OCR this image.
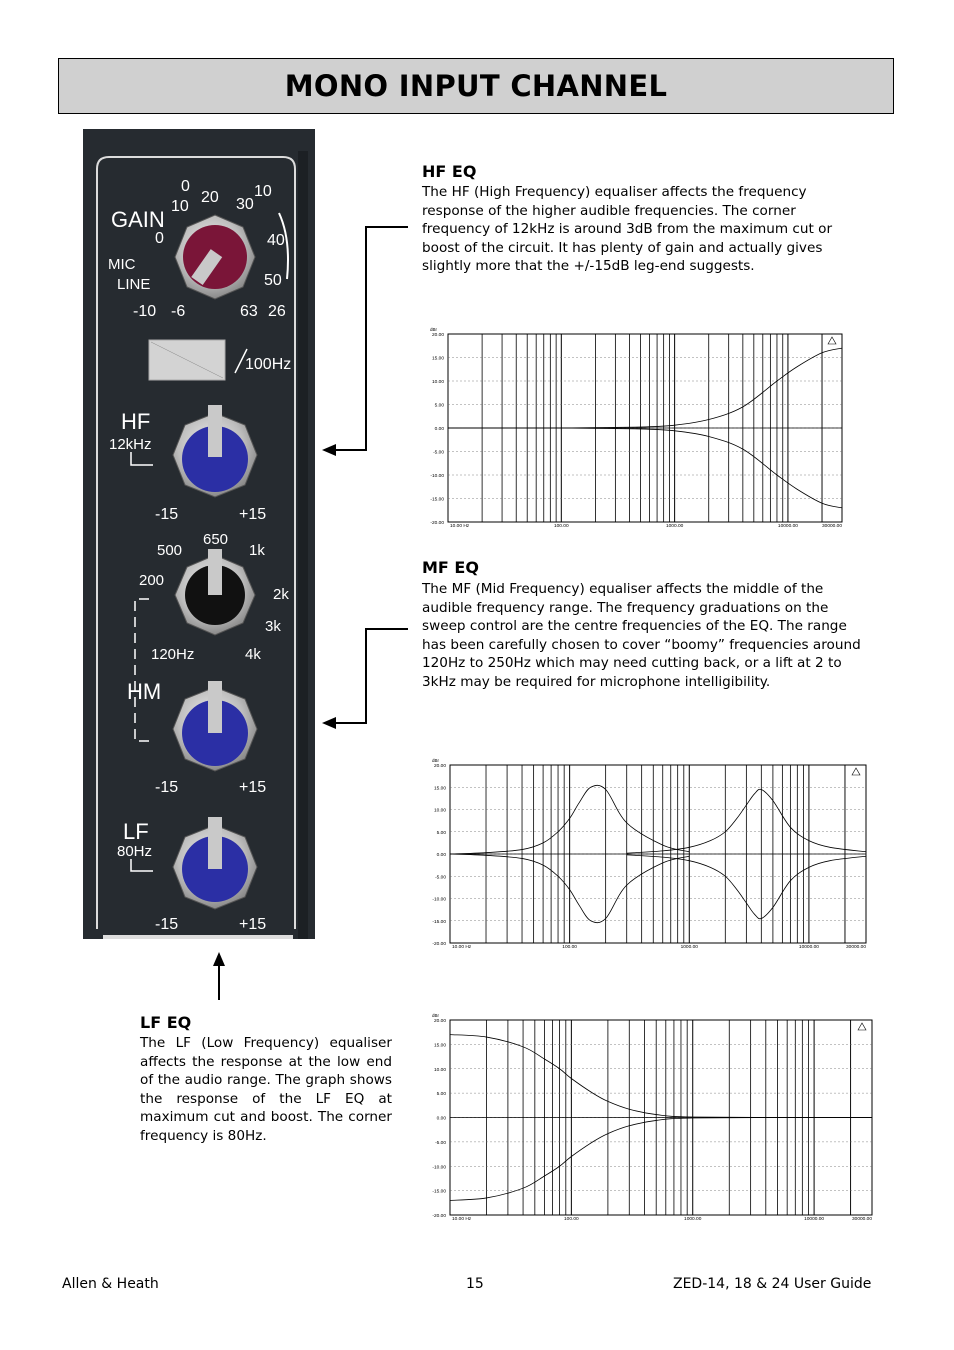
MONO INPUT CHANNEL
GAIN
MIC
LINE
0
10
20 30
10
40
50
0
-10 -6	63 26
100Hz
HF
12kHz
-15	+15
650
500	1k
200
2k
3k
120Hz	4k
HM
-15	+15
LF
80Hz
-15	+15

HF EQ

The HF (High Frequency) equaliser affects the frequency response of the higher audible frequencies. The corner frequency of 12kHz is around 3dB from the maximum cut or boost of the circuit. It has plenty of gain and actually gives slightly more that the +/-15dB leg-end suggests.

20.00
15.00
10.00
5.00
0.00
-5.00
-10.00
-15.00
-20.00
dBr
10.00 Hz	100.00	1000.00	10000.00	30000.00

MF EQ

The MF (Mid Frequency) equaliser affects the middle of the audible frequency range. The frequency graduations on the sweep control are the centre frequencies of the EQ. The range has been carefully chosen to cover “boomy” frequencies around 120Hz to 250Hz which may need cutting back, or a lift at 2 to 3kHz may be required for microphone intelligibility.

20.00
15.00
10.00
5.00
0.00
-5.00
-10.00
-15.00
-20.00
dBr
10.00 Hz	100.00	1000.00	10000.00	30000.00

LF EQ

The LF (Low Frequency) equaliser affects the response at the low end of the audio range. The graph shows the response of the LF EQ at maximum cut and boost. The corner frequency is 80Hz.

20.00
15.00
10.00
5.00
0.00
-5.00
-10.00
-15.00
-20.00
dBr
10.00 Hz	100.00	1000.00	10000.00	30000.00
Allen & Heath	15	ZED-14, 18 & 24 User Guide
